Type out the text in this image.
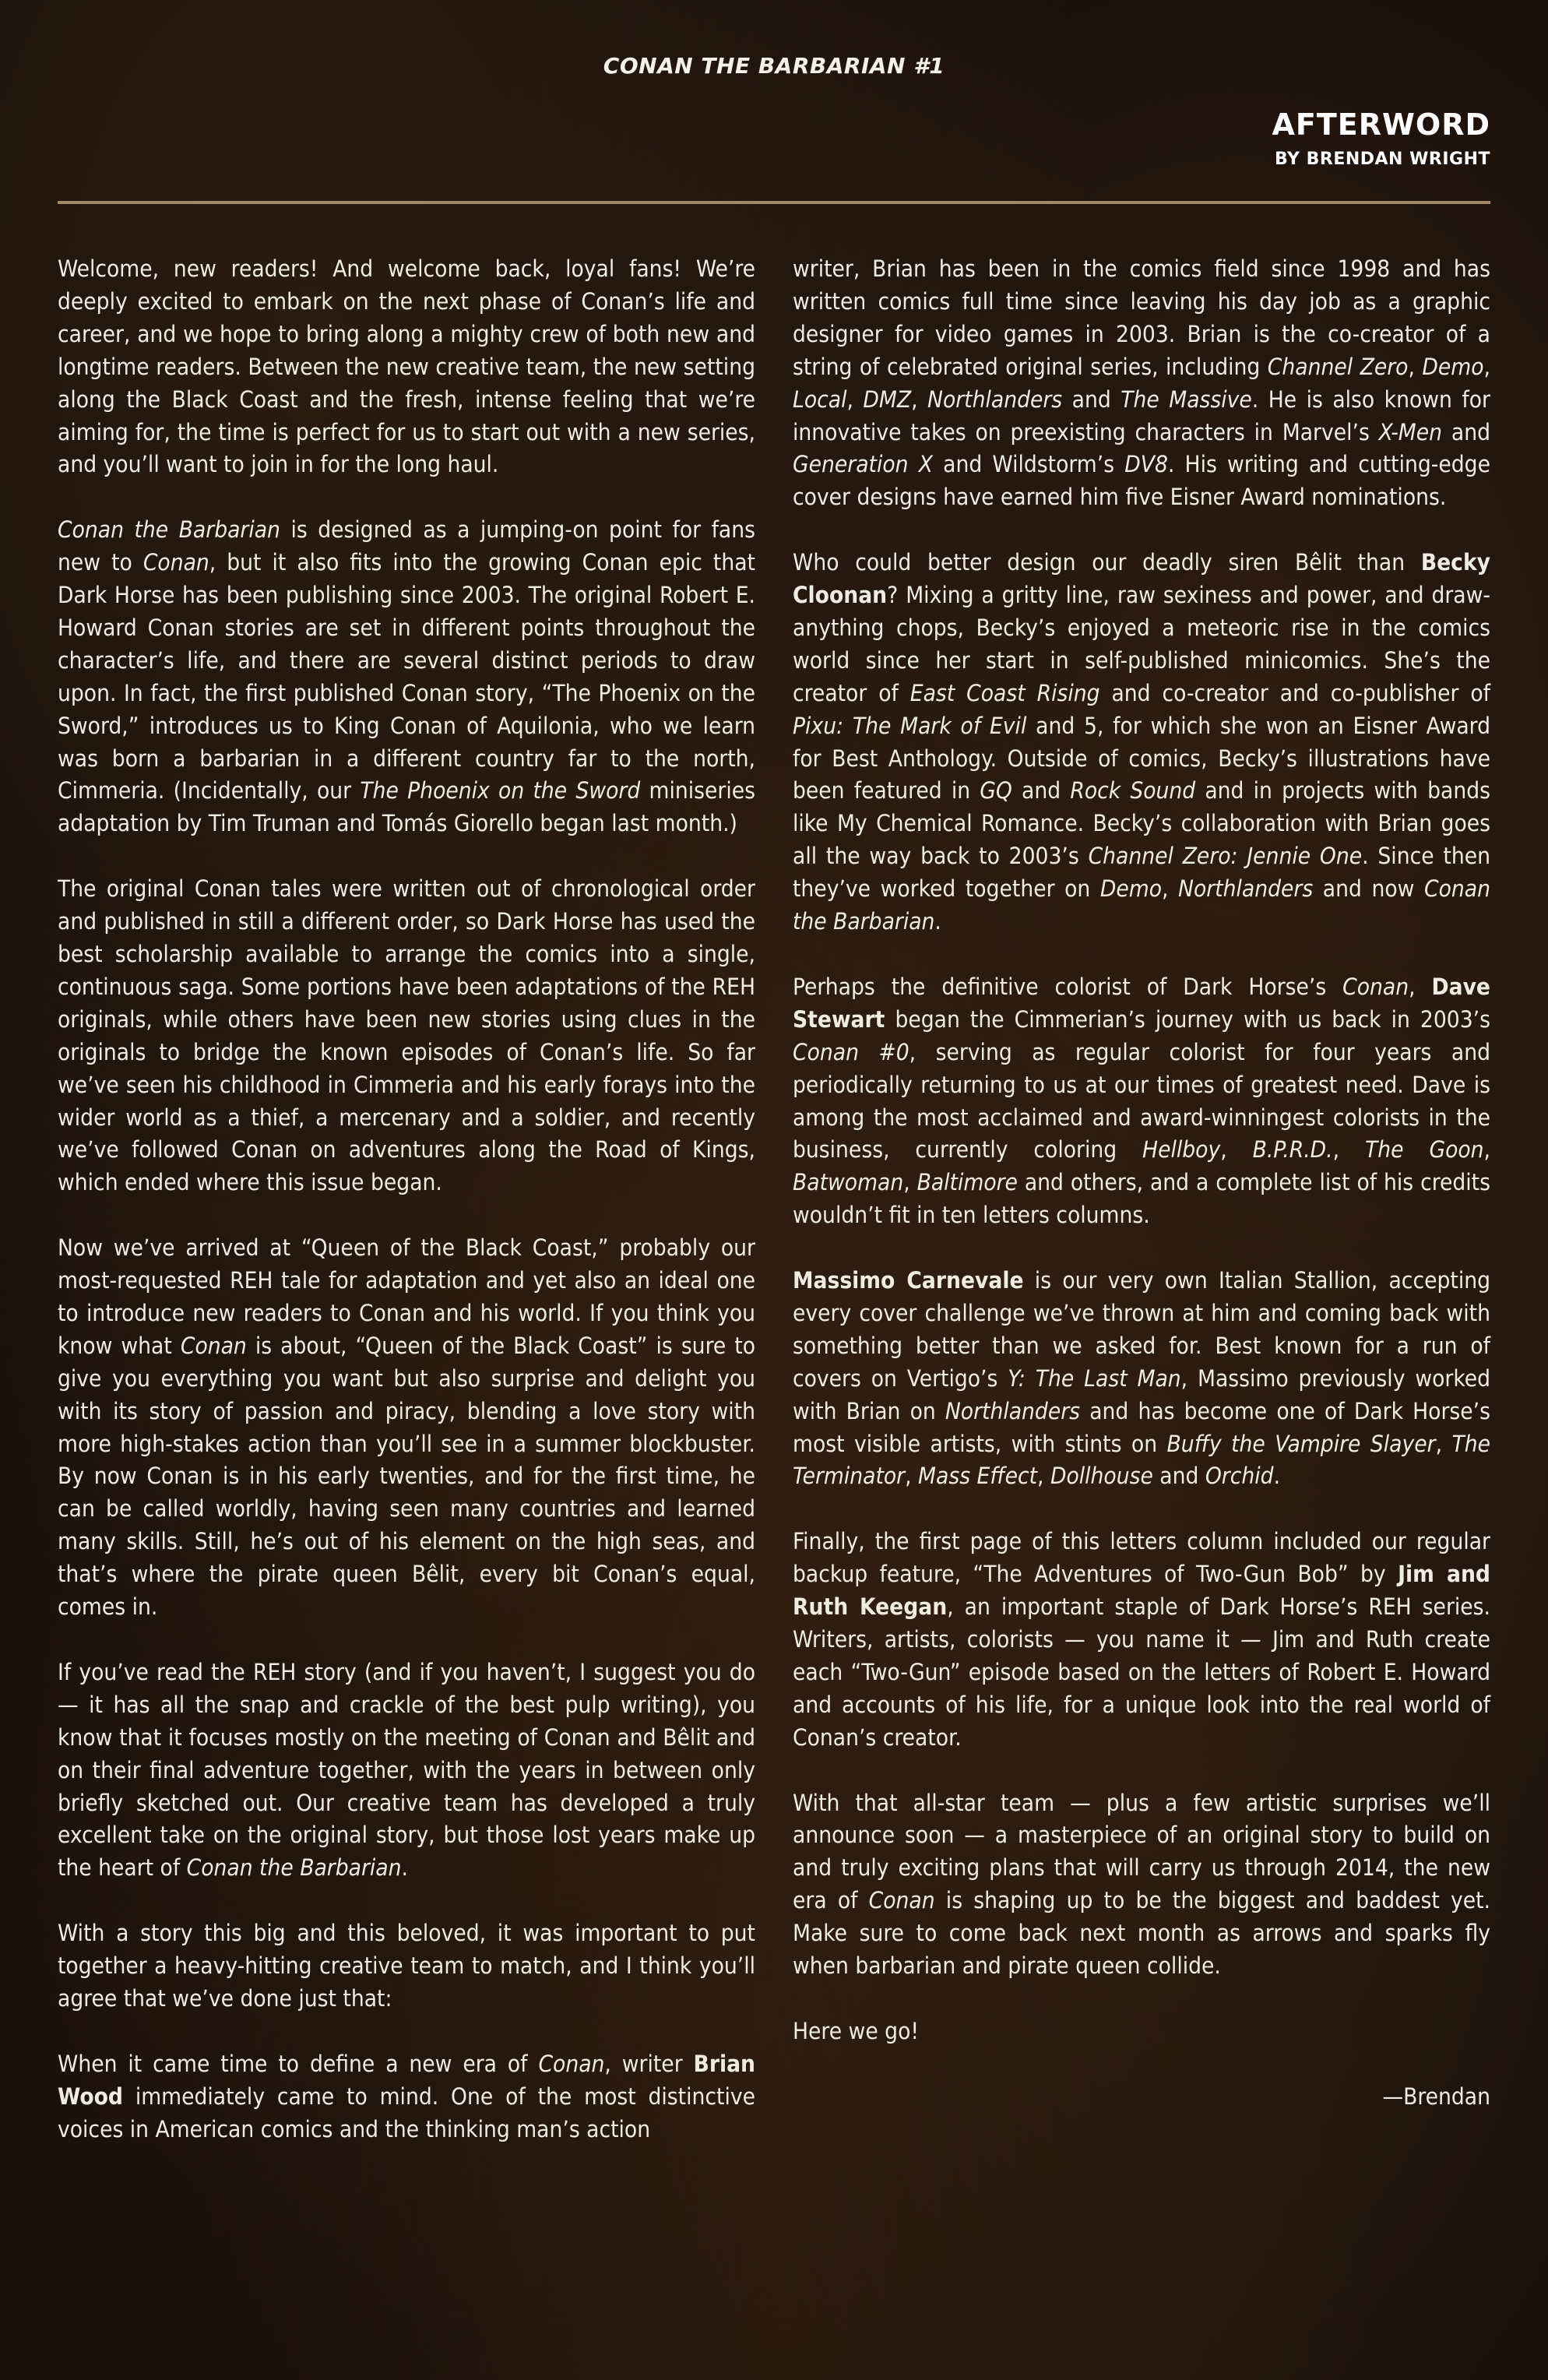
CONAN THE BARBARIAN #1
AFTERWORD
BY BRENDAN WRIGHT

Welcome, new readers! And welcome back, loyal fans! We’re deeply excited to embark on the next phase of Conan’s life and career, and we hope to bring along a mighty crew of both new and longtime readers. Between the new creative team, the new setting along the Black Coast and the fresh, intense feeling that we’re aiming for, the time is perfect for us to start out with a new series, and you’ll want to join in for the long haul.

Conan the Barbarian is designed as a jumping-on point for fans new to Conan, but it also fits into the growing Conan epic that Dark Horse has been publishing since 2003. The original Robert E. Howard Conan stories are set in different points throughout the character’s life, and there are several distinct periods to draw upon. In fact, the first published Conan story, “The Phoenix on the Sword,” introduces us to King Conan of Aquilonia, who we learn was born a barbarian in a different country far to the north, Cimmeria. (Incidentally, our The Phoenix on the Sword miniseries adaptation by Tim Truman and Tomás Giorello began last month.)

The original Conan tales were written out of chronological order and published in still a different order, so Dark Horse has used the best scholarship available to arrange the comics into a single, continuous saga. Some portions have been adaptations of the REH originals, while others have been new stories using clues in the originals to bridge the known episodes of Conan’s life. So far we’ve seen his childhood in Cimmeria and his early forays into the wider world as a thief, a mercenary and a soldier, and recently we’ve followed Conan on adventures along the Road of Kings, which ended where this issue began.

Now we’ve arrived at “Queen of the Black Coast,” probably our most-requested REH tale for adaptation and yet also an ideal one to introduce new readers to Conan and his world. If you think you know what Conan is about, “Queen of the Black Coast” is sure to give you everything you want but also surprise and delight you with its story of passion and piracy, blending a love story with more high-stakes action than you’ll see in a summer blockbuster. By now Conan is in his early twenties, and for the first time, he can be called worldly, having seen many countries and learned many skills. Still, he’s out of his element on the high seas, and that’s where the pirate queen Bêlit, every bit Conan’s equal, comes in.

If you’ve read the REH story (and if you haven’t, I suggest you do — it has all the snap and crackle of the best pulp writing), you know that it focuses mostly on the meeting of Conan and Bêlit and on their final adventure together, with the years in between only briefly sketched out. Our creative team has developed a truly excellent take on the original story, but those lost years make up the heart of Conan the Barbarian.

With a story this big and this beloved, it was important to put together a heavy-hitting creative team to match, and I think you’ll agree that we’ve done just that:

When it came time to define a new era of Conan, writer Brian Wood immediately came to mind. One of the most distinctive voices in American comics and the thinking man’s action

writer, Brian has been in the comics field since 1998 and has written comics full time since leaving his day job as a graphic designer for video games in 2003. Brian is the co-creator of a string of celebrated original series, including Channel Zero, Demo, Local, DMZ, Northlanders and The Massive. He is also known for innovative takes on preexisting characters in Marvel’s X-Men and Generation X and Wildstorm’s DV8. His writing and cutting-edge cover designs have earned him five Eisner Award nominations.

Who could better design our deadly siren Bêlit than Becky Cloonan? Mixing a gritty line, raw sexiness and power, and draw-anything chops, Becky’s enjoyed a meteoric rise in the comics world since her start in self-published minicomics. She’s the creator of East Coast Rising and co-creator and co-publisher of Pixu: The Mark of Evil and 5, for which she won an Eisner Award for Best Anthology. Outside of comics, Becky’s illustrations have been featured in GQ and Rock Sound and in projects with bands like My Chemical Romance. Becky’s collaboration with Brian goes all the way back to 2003’s Channel Zero: Jennie One. Since then they’ve worked together on Demo, Northlanders and now Conan the Barbarian.

Perhaps the definitive colorist of Dark Horse’s Conan, Dave Stewart began the Cimmerian’s journey with us back in 2003’s Conan #0, serving as regular colorist for four years and periodically returning to us at our times of greatest need. Dave is among the most acclaimed and award-winningest colorists in the business, currently coloring Hellboy, B.P.R.D., The Goon, Batwoman, Baltimore and others, and a complete list of his credits wouldn’t fit in ten letters columns.

Massimo Carnevale is our very own Italian Stallion, accepting every cover challenge we’ve thrown at him and coming back with something better than we asked for. Best known for a run of covers on Vertigo’s Y: The Last Man, Massimo previously worked with Brian on Northlanders and has become one of Dark Horse’s most visible artists, with stints on Buffy the Vampire Slayer, The Terminator, Mass Effect, Dollhouse and Orchid.

Finally, the first page of this letters column included our regular backup feature, “The Adventures of Two-Gun Bob” by Jim and Ruth Keegan, an important staple of Dark Horse’s REH series. Writers, artists, colorists — you name it — Jim and Ruth create each “Two-Gun” episode based on the letters of Robert E. Howard and accounts of his life, for a unique look into the real world of Conan’s creator.

With that all-star team — plus a few artistic surprises we’ll announce soon — a masterpiece of an original story to build on and truly exciting plans that will carry us through 2014, the new era of Conan is shaping up to be the biggest and baddest yet. Make sure to come back next month as arrows and sparks fly when barbarian and pirate queen collide.

Here we go!

—Brendan
